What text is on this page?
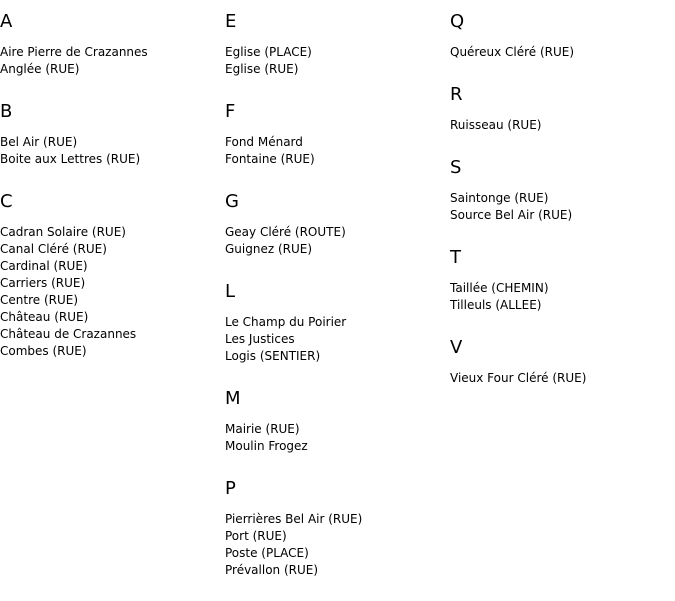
A
Aire Pierre de Crazannes
Anglée (RUE)
B
Bel Air (RUE)
Boite aux Lettres (RUE)
C
Cadran Solaire (RUE)
Canal Cléré (RUE)
Cardinal (RUE)
Carriers (RUE)
Centre (RUE)
Château (RUE)
Château de Crazannes
Combes (RUE)
E
Eglise (PLACE)
Eglise (RUE)
F
Fond Ménard
Fontaine (RUE)
G
Geay Cléré (ROUTE)
Guignez (RUE)
L
Le Champ du Poirier
Les Justices
Logis (SENTIER)
M
Mairie (RUE)
Moulin Frogez
P
Pierrières Bel Air (RUE)
Port (RUE)
Poste (PLACE)
Prévallon (RUE)
Q
Quéreux Cléré (RUE)
R
Ruisseau (RUE)
S
Saintonge (RUE)
Source Bel Air (RUE)
T
Taillée (CHEMIN)
Tilleuls (ALLEE)
V
Vieux Four Cléré (RUE)
